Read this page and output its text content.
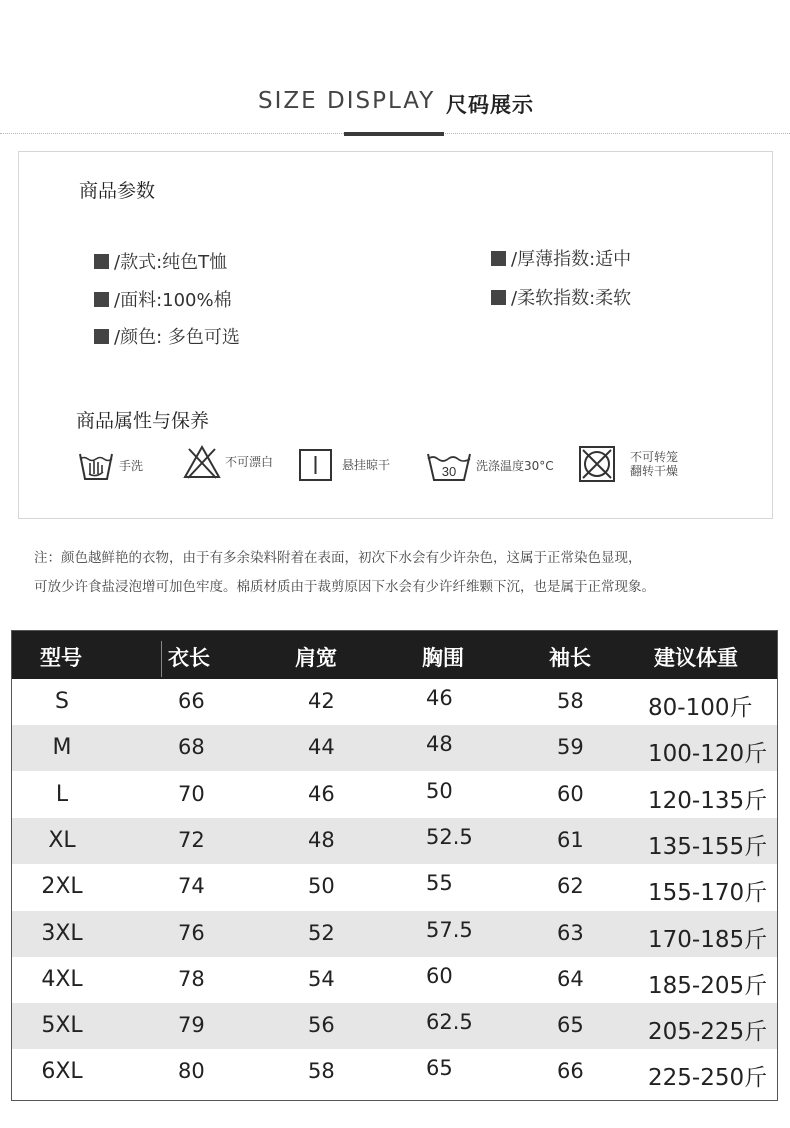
SIZE DISPLAY 尺码展示
商品参数
/款式:纯色T恤
/面料:100%棉
/颜色: 多色可选
/厚薄指数:适中
/柔软指数:柔软
商品属性与保养
手洗	不可漂白	悬挂晾干	30 洗涤温度30°C
不可转笼
翻转干燥
注：颜色越鲜艳的衣物，由于有多余染料附着在表面，初次下水会有少许杂色，这属于正常染色显现，
可放少许食盐浸泡增可加色牢度。棉质材质由于裁剪原因下水会有少许纤维颗下沉，也是属于正常现象。
型号	衣长	肩宽	胸围	袖长	建议体重
S	66	42	46	58	80-100斤
M	68	44	48	59	100-120斤
L	70	46	50	60	120-135斤
XL	72	48	52.5	61	135-155斤
2XL	74	50	55	62	155-170斤
3XL	76	52	57.5	63	170-185斤
4XL	78	54	60	64	185-205斤
5XL	79	56	62.5	65	205-225斤
6XL	80	58	65	66	225-250斤
